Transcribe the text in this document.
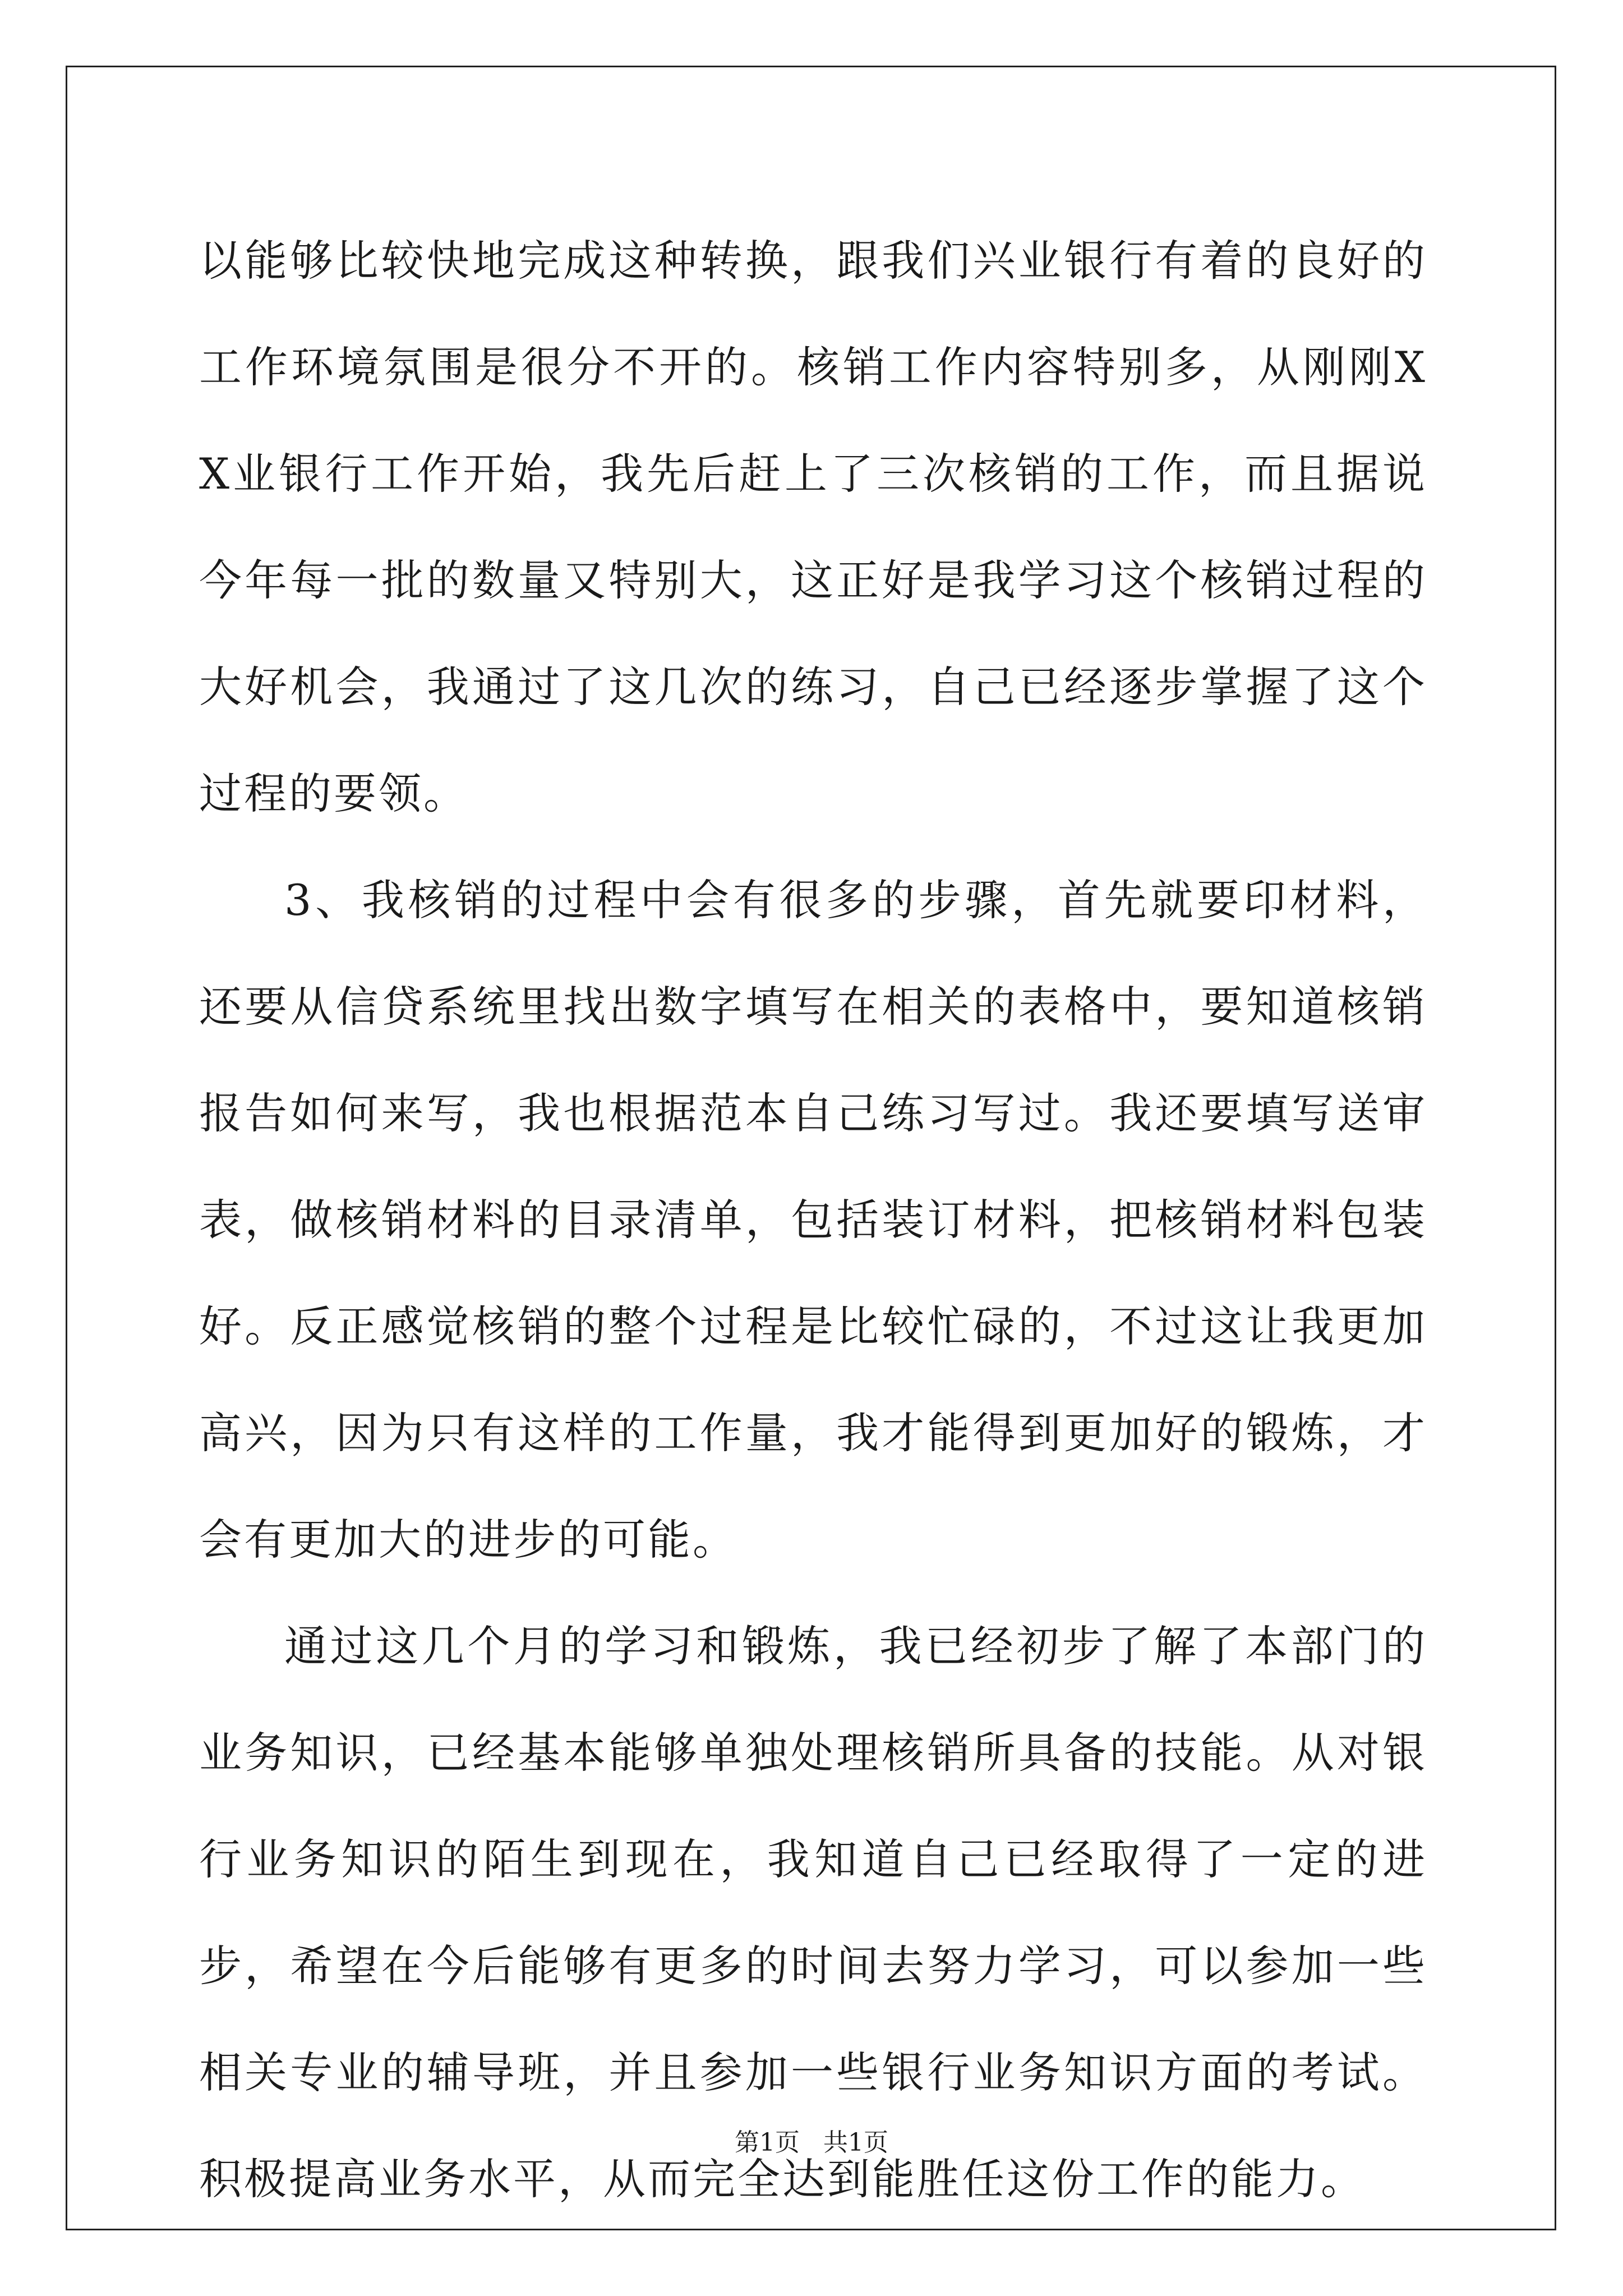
以能够比较快地完成这种转换，跟我们兴业银行有着的良好的工作环境氛围是很分不开的。核销工作内容特别多，从刚刚XX业银行工作开始，我先后赶上了三次核销的工作，而且据说今年每一批的数量又特别大，这正好是我学习这个核销过程的大好机会，我通过了这几次的练习，自己已经逐步掌握了这个过程的要领。

3、我核销的过程中会有很多的步骤，首先就要印材料，还要从信贷系统里找出数字填写在相关的表格中，要知道核销报告如何来写，我也根据范本自己练习写过。我还要填写送审表，做核销材料的目录清单，包括装订材料，把核销材料包装好。反正感觉核销的整个过程是比较忙碌的，不过这让我更加高兴，因为只有这样的工作量，我才能得到更加好的锻炼，才会有更加大的进步的可能。

通过这几个月的学习和锻炼，我已经初步了解了本部门的业务知识，已经基本能够单独处理核销所具备的技能。从对银行业务知识的陌生到现在，我知道自己已经取得了一定的进步，希望在今后能够有更多的时间去努力学习，可以参加一些相关专业的辅导班，并且参加一些银行业务知识方面的考试。积极提高业务水平，从而完全达到能胜任这份工作的能力。

第1页 共1页
